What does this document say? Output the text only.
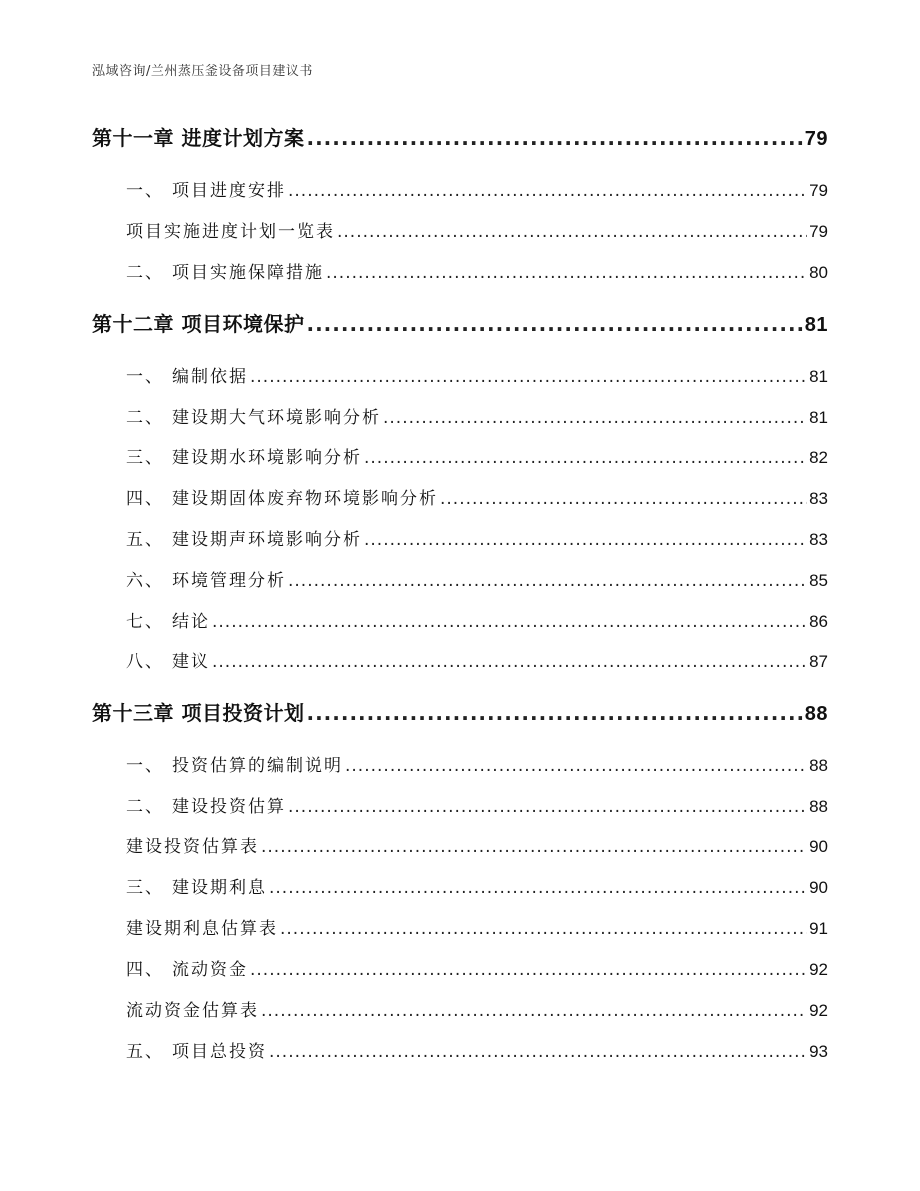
泓域咨询/兰州蒸压釜设备项目建议书
第十一章 进度计划方案 .....	79
一、 项目进度安排 .....	79
项目实施进度计划一览表 .....	79
二、 项目实施保障措施 .....	80
第十二章 项目环境保护 .....	81
一、 编制依据 .....	81
二、 建设期大气环境影响分析 .....	81
三、 建设期水环境影响分析 .....	82
四、 建设期固体废弃物环境影响分析 .....	83
五、 建设期声环境影响分析 .....	83
六、 环境管理分析 .....	85
七、 结论 .....	86
八、 建议 .....	87
第十三章 项目投资计划 .....	88
一、 投资估算的编制说明 .....	88
二、 建设投资估算 .....	88
建设投资估算表 .....	90
三、 建设期利息 .....	90
建设期利息估算表 .....	91
四、 流动资金 .....	92
流动资金估算表 .....	92
五、 项目总投资 .....	93
